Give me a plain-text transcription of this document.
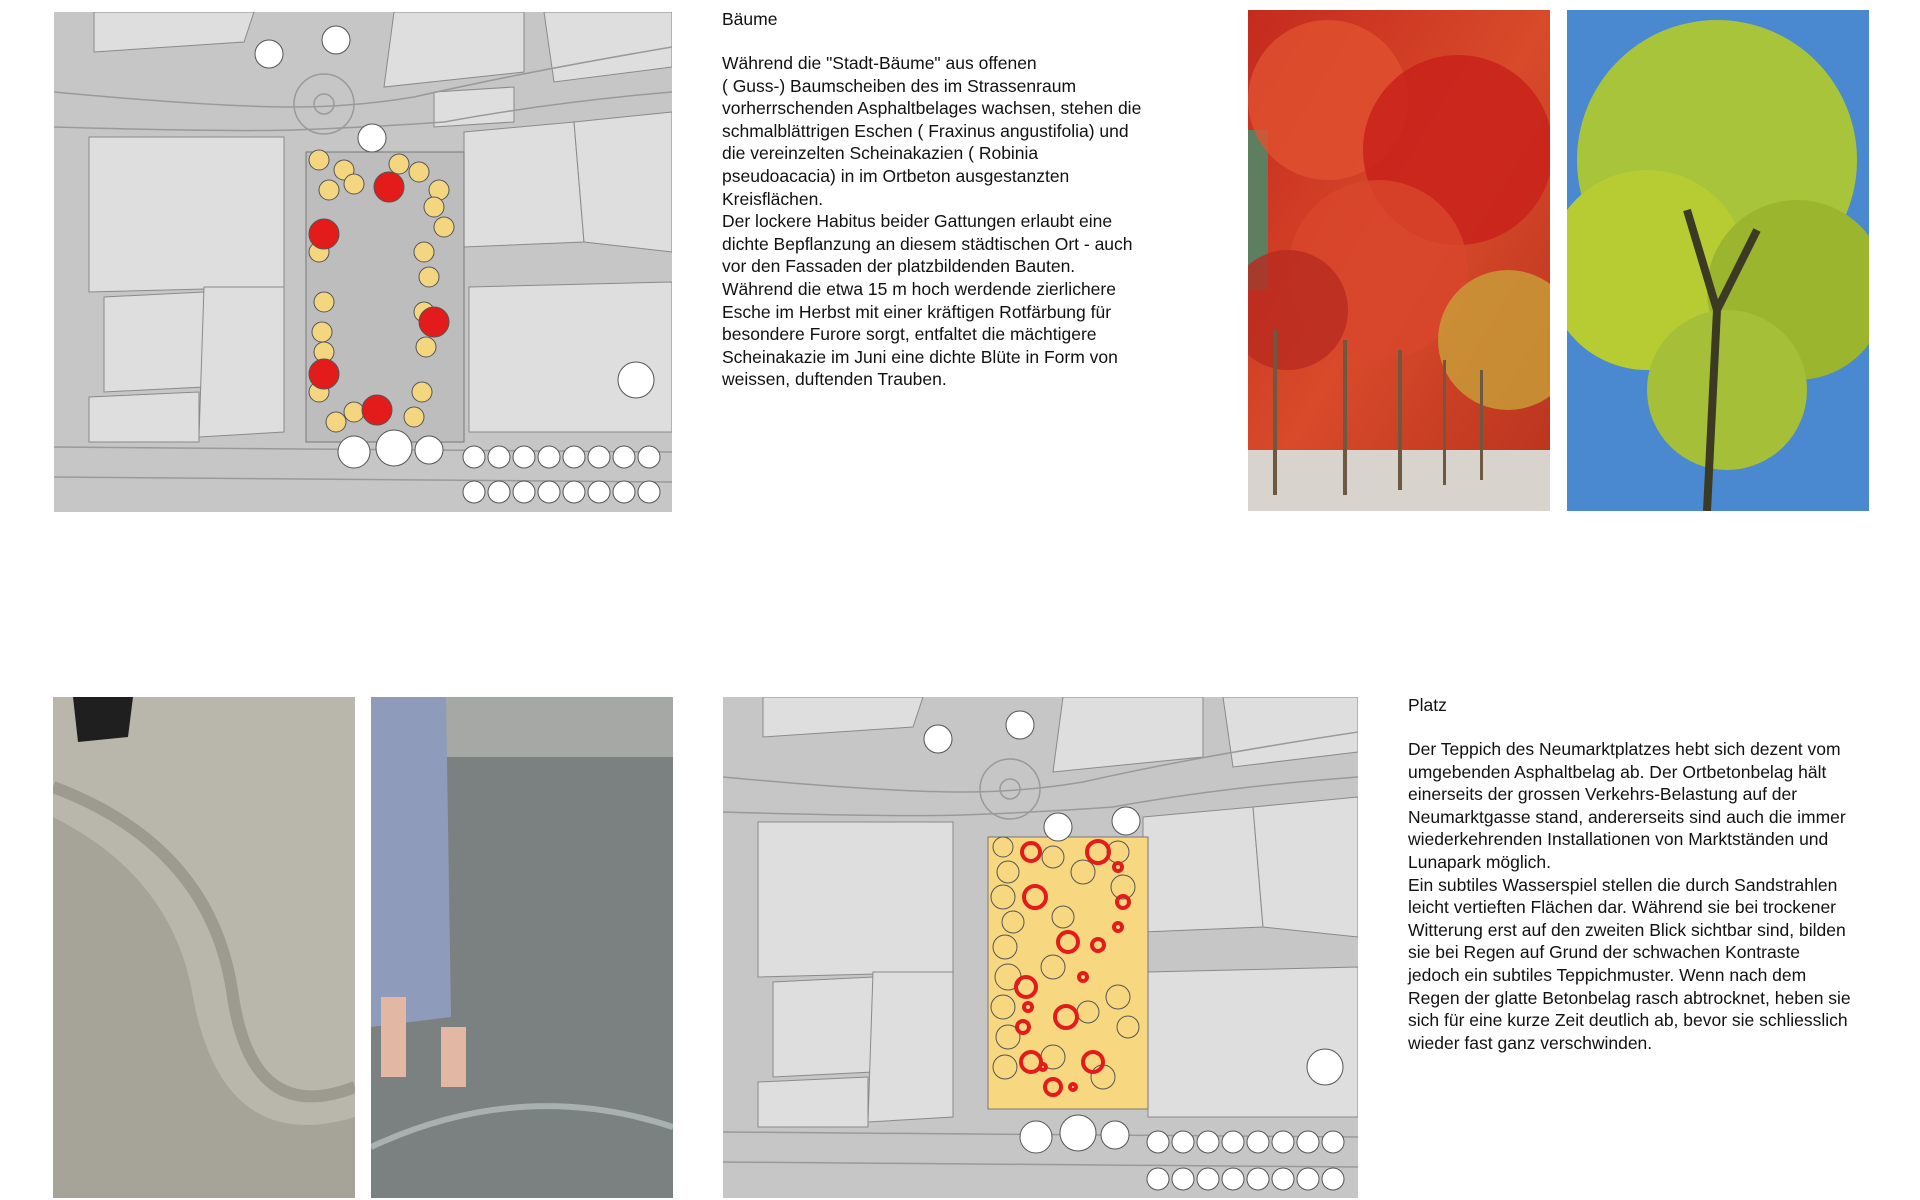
Bäume

Während die "Stadt-Bäume" aus offenen
( Guss-) Baumscheiben des im Strassenraum
vorherrschenden Asphaltbelages wachsen, stehen die
schmalblättrigen Eschen ( Fraxinus angustifolia) und
die vereinzelten Scheinakazien ( Robinia
pseudoacacia) in im Ortbeton ausgestanzten
Kreisflächen.
Der lockere Habitus beider Gattungen erlaubt eine
dichte Bepflanzung an diesem städtischen Ort - auch
vor den Fassaden der platzbildenden Bauten.
Während die etwa 15 m hoch werdende zierlichere
Esche im Herbst mit einer kräftigen Rotfärbung für
besondere Furore sorgt, entfaltet die mächtigere
Scheinakazie im Juni eine dichte Blüte in Form von
weissen, duftenden Trauben.

Platz

Der Teppich des Neumarktplatzes hebt sich dezent vom
umgebenden Asphaltbelag ab. Der Ortbetonbelag hält
einerseits der grossen Verkehrs-Belastung auf der
Neumarktgasse stand, andererseits sind auch die immer
wiederkehrenden Installationen von Marktständen und
Lunapark möglich.
Ein subtiles Wasserspiel stellen die durch Sandstrahlen
leicht vertieften Flächen dar. Während sie bei trockener
Witterung erst auf den zweiten Blick sichtbar sind, bilden
sie bei Regen auf Grund der schwachen Kontraste
jedoch ein subtiles Teppichmuster. Wenn nach dem
Regen der glatte Betonbelag rasch abtrocknet, heben sie
sich für eine kurze Zeit deutlich ab, bevor sie schliesslich
wieder fast ganz verschwinden.
